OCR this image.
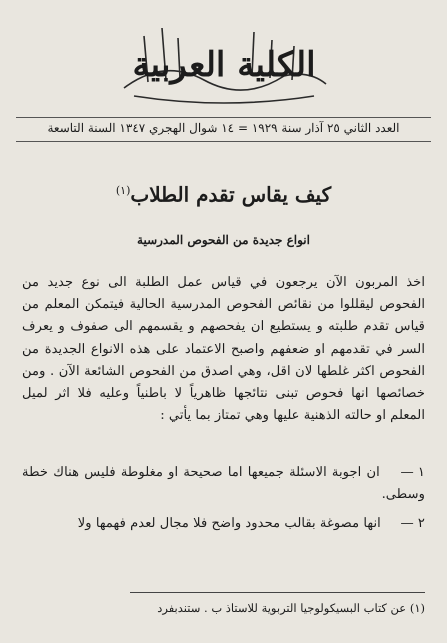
الكلية العربية
العدد الثاني ٢٥ آذار سنة ١٩٢٩ = ١٤ شوال الهجري ١٣٤٧ السنة التاسعة
كيف يقاس تقدم الطلاب$^{(١)}$
انواع جديدة من الفحوص المدرسية

اخذ المربون الآن يرجعون في قياس عمل الطلبة الى نوع جديد من الفحوص ليقللوا من نقائص الفحوص المدرسية الحالية فيتمكن المعلم من قياس تقدم طلبته و يستطيع ان يفحصهم و يقسمهم الى صفوف و يعرف السر في تقدمهم او ضعفهم واصبح الاعتماد على هذه الانواع الجديدة من الفحوص اكثر غلطها لان اقل، وهي اصدق من الفحوص الشائعة الآن . ومن خصائصها انها فحوص تبنى نتائجها ظاهرياً لا باطنياً وعليه فلا اثر لميل المعلم او حالته الذهنية عليها وهي تمتاز بما يأتي :

١ — ان اجوبة الاسئلة جميعها اما صحيحة او مغلوطة فليس هناك خطة وسطى.

٢ — انها مصوغة بقالب محدود واضح فلا مجال لعدم فهمها ولا

(١) عن كتاب البسيكولوجيا التربوية للاستاذ ب . ستندبفرد
